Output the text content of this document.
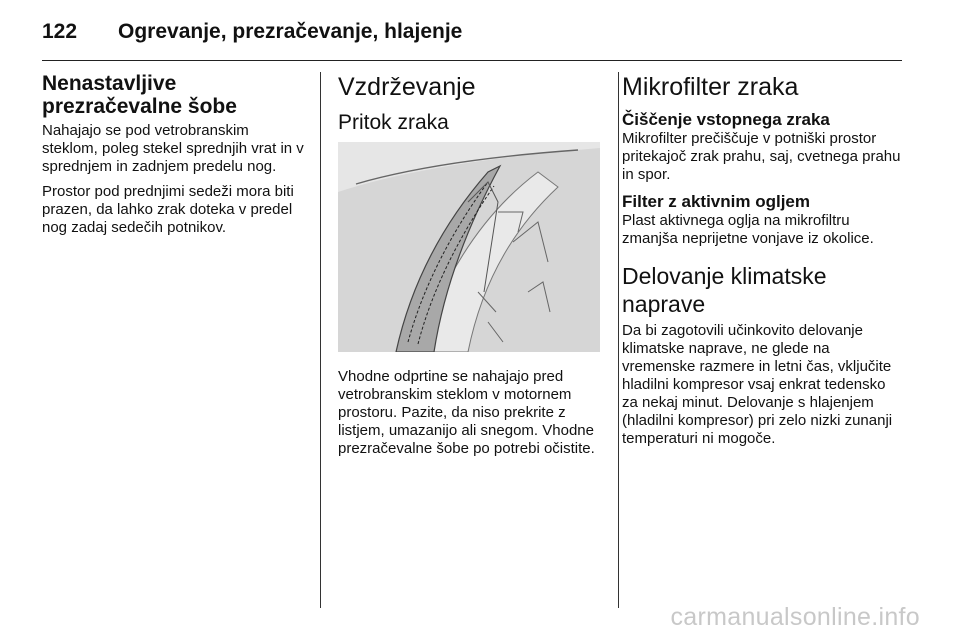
122 Ogrevanje, prezračevanje, hlajenje
Nenastavljive prezračevalne šobe

Nahajajo se pod vetrobranskim steklom, poleg stekel sprednjih vrat in v sprednjem in zadnjem predelu nog.

Prostor pod prednjimi sedeži mora biti prazen, da lahko zrak doteka v predel nog zadaj sedečih potnikov.

Vzdrževanje
Pritok zraka

Vhodne odprtine se nahajajo pred vetrobranskim steklom v motornem prostoru. Pazite, da niso prekrite z listjem, umazanijo ali snegom. Vhodne prezračevalne šobe po potrebi očistite.

Mikrofilter zraka
Čiščenje vstopnega zraka

Mikrofilter prečiščuje v potniški prostor pritekajoč zrak prahu, saj, cvetnega prahu in spor.

Filter z aktivnim ogljem

Plast aktivnega oglja na mikrofiltru zmanjša neprijetne vonjave iz okolice.

Delovanje klimatske naprave

Da bi zagotovili učinkovito delovanje klimatske naprave, ne glede na vremenske razmere in letni čas, vključite hladilni kompresor vsaj enkrat tedensko za nekaj minut. Delovanje s hlajenjem (hladilni kompresor) pri zelo nizki zunanji temperaturi ni mogoče.

carmanualsonline.info
